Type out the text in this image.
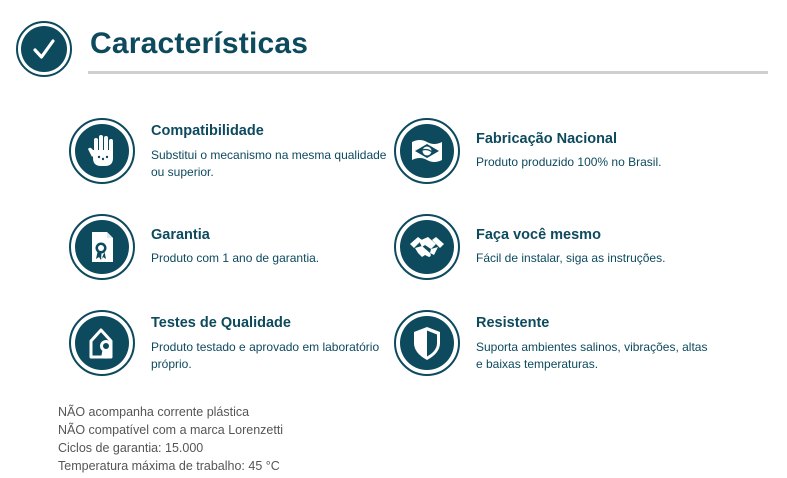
Características

Compatibilidade

Substitui o mecanismo na mesma qualidade ou superior.

Fabricação Nacional

Produto produzido 100% no Brasil.

Garantia

Produto com 1 ano de garantia.

Faça você mesmo

Fácil de instalar, siga as instruções.

Testes de Qualidade

Produto testado e aprovado em laboratório próprio.

Resistente

Suporta ambientes salinos, vibrações, altas e baixas temperaturas.

NÃO acompanha corrente plástica
NÃO compatível com a marca Lorenzetti
Ciclos de garantia: 15.000
Temperatura máxima de trabalho: 45 °C
